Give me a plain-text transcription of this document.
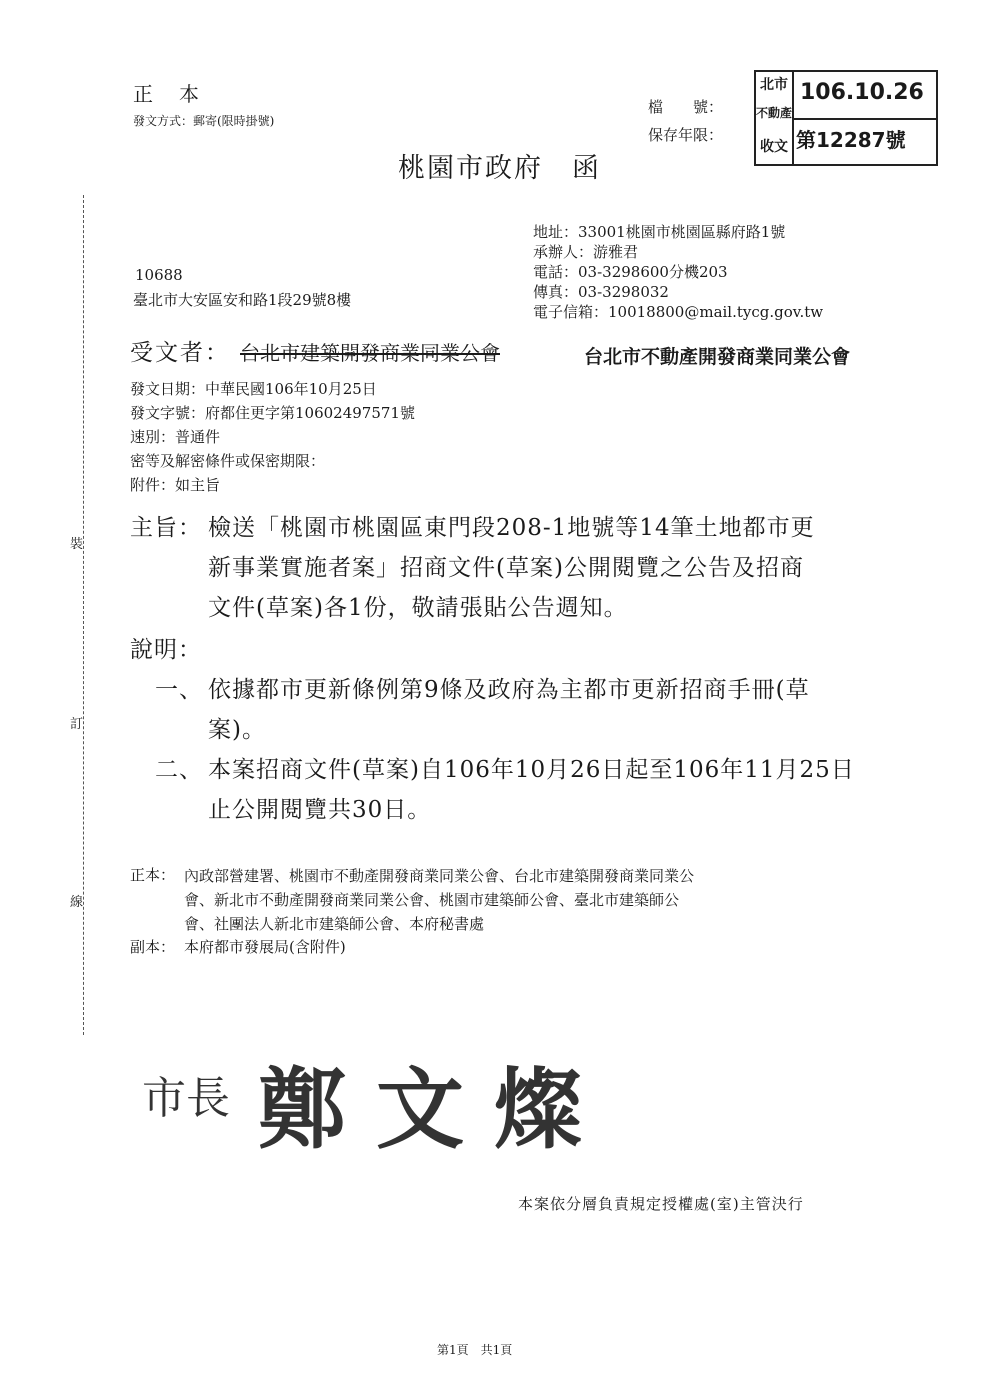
裝
訂
線
正　本
發文方式：郵寄(限時掛號)
檔　　號：
保存年限：
北市
不動產
收文
106.10.26
第12287號
桃園市政府　函
10688
臺北市大安區安和路1段29號8樓
地址：33001桃園市桃園區縣府路1號
承辦人：游雅君
電話：03-3298600分機203
傳真：03-3298032
電子信箱：10018800@mail.tycg.gov.tw
受文者： 台北市建築開發商業同業公會	台北市不動產開發商業同業公會
發文日期：中華民國106年10月25日
發文字號：府都住更字第10602497571號
速別：普通件
密等及解密條件或保密期限：
附件：如主旨
主旨： 檢送「桃園市桃園區東門段208-1地號等14筆土地都市更
新事業實施者案」招商文件(草案)公開閱覽之公告及招商
文件(草案)各1份，敬請張貼公告週知。
說明：
一、 依據都市更新條例第9條及政府為主都市更新招商手冊(草
案)。
二、 本案招商文件(草案)自106年10月26日起至106年11月25日
止公開閱覽共30日。
正本： 內政部營建署、桃園市不動產開發商業同業公會、台北市建築開發商業同業公
會、新北市不動產開發商業同業公會、桃園市建築師公會、臺北市建築師公
會、社團法人新北市建築師公會、本府秘書處
副本： 本府都市發展局(含附件)
市長 鄭文燦
本案依分層負責規定授權處(室)主管決行
第1頁　共1頁
